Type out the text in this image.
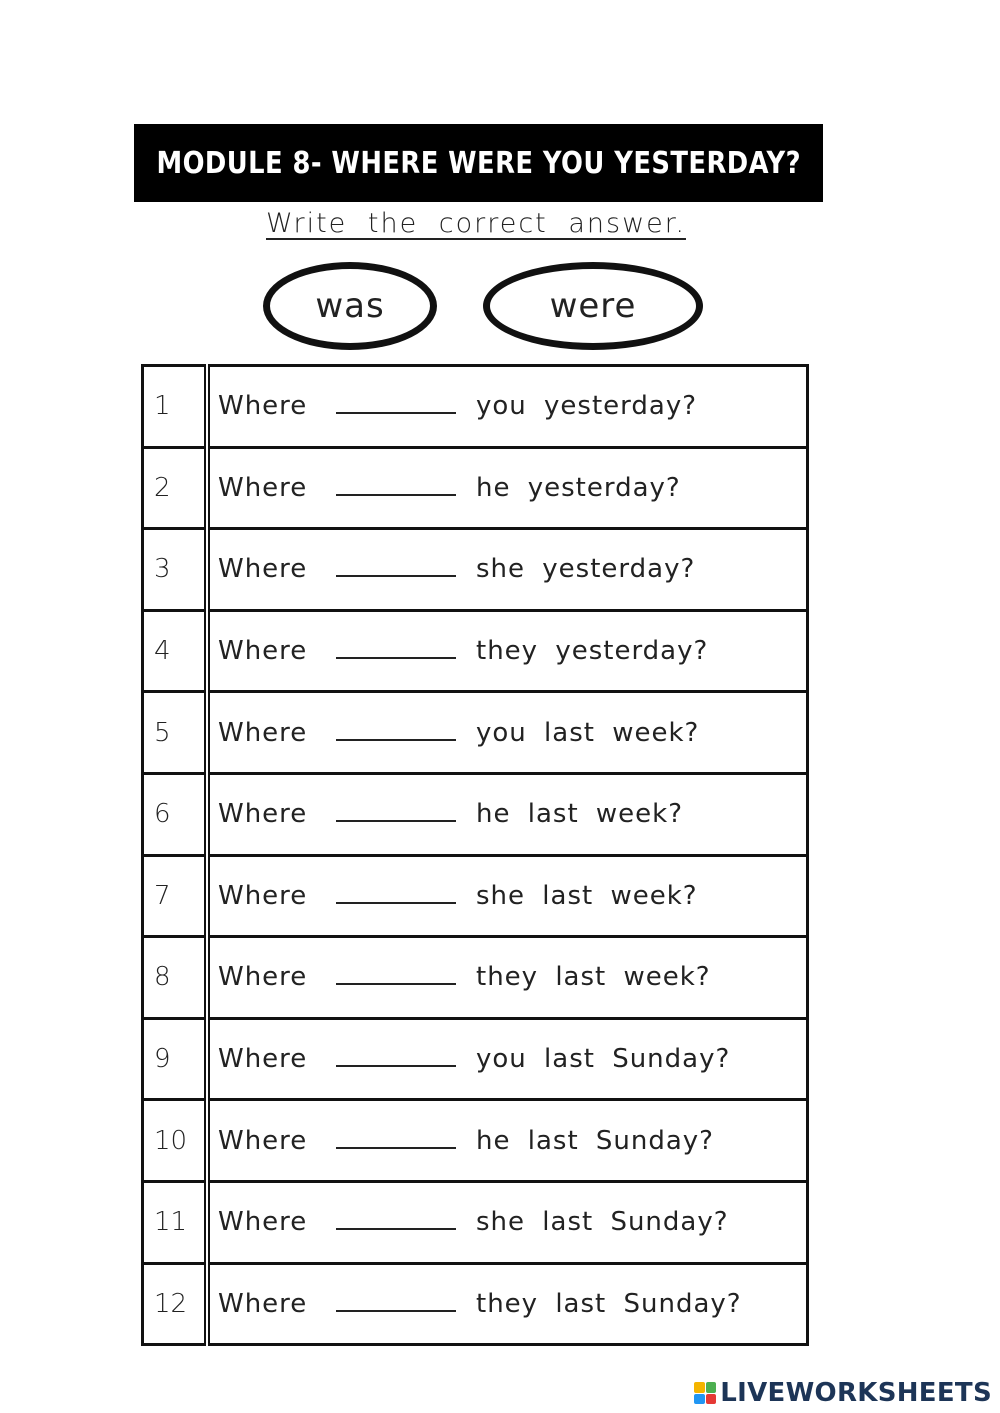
MODULE 8- WHERE WERE YOU YESTERDAY?
Write the correct answer.
was	were
1	Where you yesterday?
2	Where he yesterday?
3	Where she yesterday?
4	Where they yesterday?
5	Where you last week?
6	Where he last week?
7	Where she last week?
8	Where they last week?
9	Where you last Sunday?
10	Where he last Sunday?
11	Where she last Sunday?
12	Where they last Sunday?
LIVEWORKSHEETS
